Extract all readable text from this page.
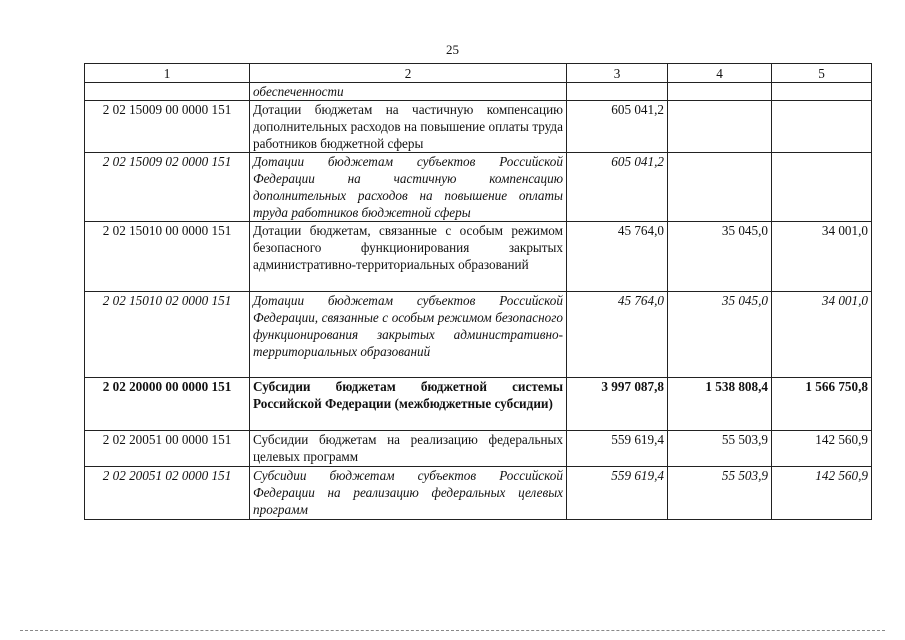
25
1	2	3	4	5
	обеспеченности			
2 02 15009 00 0000 151	Дотации бюджетам на частичную компенсацию дополнительных расходов на повышение оплаты труда работников бюджетной сферы	605 041,2		
2 02 15009 02 0000 151	Дотации бюджетам субъектов Российской Федерации на частичную компенсацию дополнительных расходов на повышение оплаты труда работников бюджетной сферы	605 041,2		
2 02 15010 00 0000 151	Дотации бюджетам, связанные с особым режимом безопасного функционирования закрытых административно-территориальных образований	45 764,0	35 045,0	34 001,0
2 02 15010 02 0000 151	Дотации бюджетам субъектов Российской Федерации, связанные с особым режимом безопасного функционирования закрытых административно-территориальных образований	45 764,0	35 045,0	34 001,0
2 02 20000 00 0000 151	Субсидии бюджетам бюджетной системы Российской Федерации (межбюджетные субсидии)	3 997 087,8	1 538 808,4	1 566 750,8
2 02 20051 00 0000 151	Субсидии бюджетам на реализацию федеральных целевых программ	559 619,4	55 503,9	142 560,9
2 02 20051 02 0000 151	Субсидии бюджетам субъектов Российской Федерации на реализацию федеральных целевых программ	559 619,4	55 503,9	142 560,9
